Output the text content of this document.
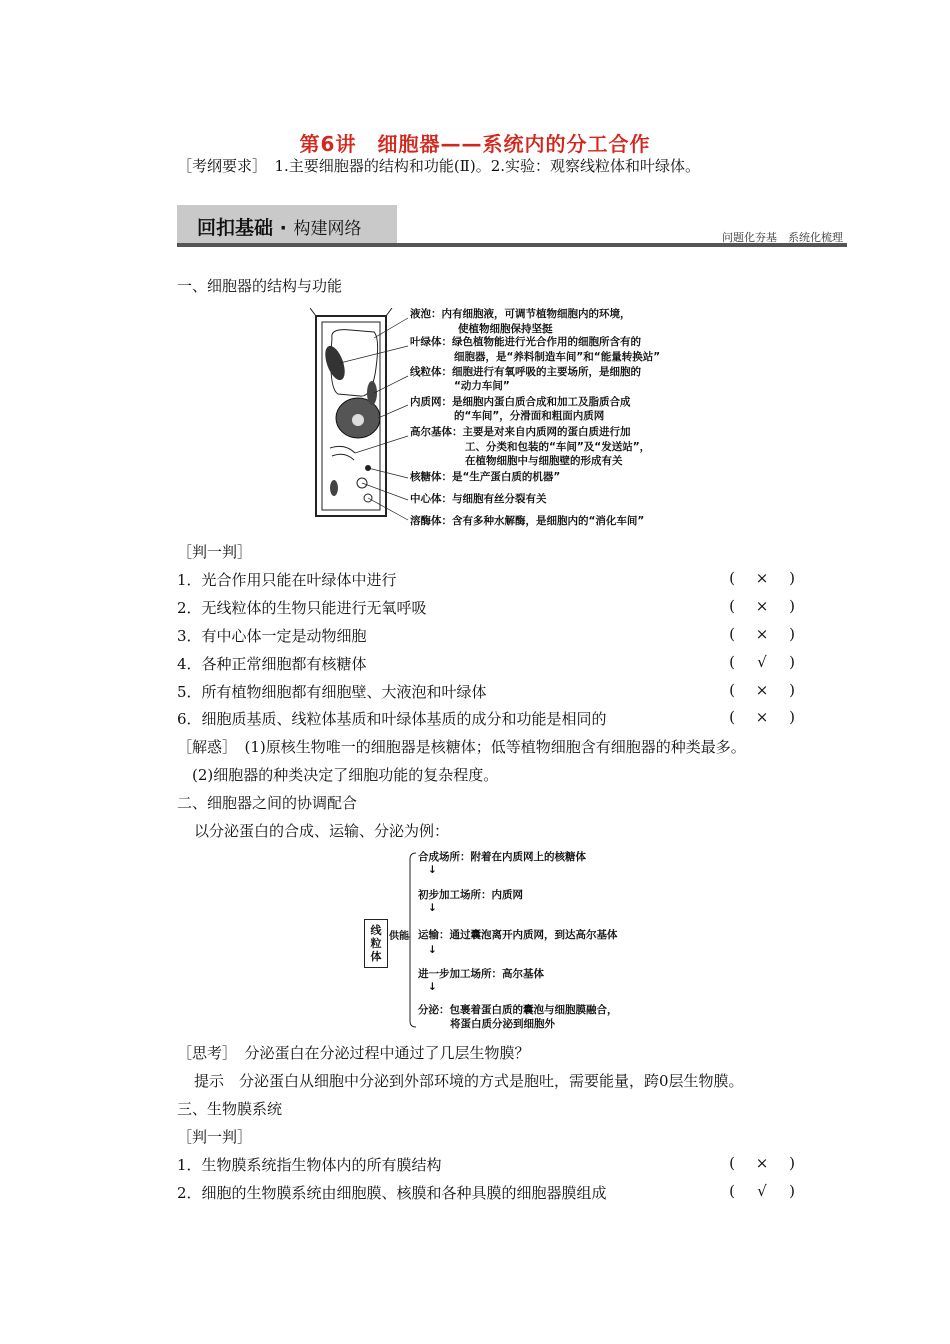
第6讲　细胞器——系统内的分工合作
［考纲要求］　1.主要细胞器的结构和功能(Ⅱ)。2.实验：观察线粒体和叶绿体。
回扣基础 · 构建网络	问题化夯基　系统化梳理
一、细胞器的结构与功能
液泡：内有细胞液，可调节植物细胞内的环境，
使植物细胞保持坚挺
叶绿体：绿色植物能进行光合作用的细胞所含有的
细胞器，是“养料制造车间”和“能量转换站”
线粒体：细胞进行有氧呼吸的主要场所，是细胞的
“动力车间”
内质网：是细胞内蛋白质合成和加工及脂质合成
的“车间”，分滑面和粗面内质网
高尔基体：主要是对来自内质网的蛋白质进行加
工、分类和包装的“车间”及“发送站”，
在植物细胞中与细胞壁的形成有关
核糖体：是“生产蛋白质的机器”
中心体：与细胞有丝分裂有关
溶酶体：含有多种水解酶，是细胞内的“消化车间”
［判一判］
1．光合作用只能在叶绿体中进行	( × )
2．无线粒体的生物只能进行无氧呼吸	( × )
3．有中心体一定是动物细胞	( × )
4．各种正常细胞都有核糖体	( √ )
5．所有植物细胞都有细胞壁、大液泡和叶绿体	( × )
6．细胞质基质、线粒体基质和叶绿体基质的成分和功能是相同的	( × )
［解惑］　(1)原核生物唯一的细胞器是核糖体；低等植物细胞含有细胞器的种类最多。
(2)细胞器的种类决定了细胞功能的复杂程度。
二、细胞器之间的协调配合
以分泌蛋白的合成、运输、分泌为例：
线粒体
供能
合成场所：附着在内质网上的核糖体
↓
初步加工场所：内质网
↓
运输：通过囊泡离开内质网，到达高尔基体
↓
进一步加工场所：高尔基体
↓
分泌：包裹着蛋白质的囊泡与细胞膜融合，
将蛋白质分泌到细胞外
［思考］　分泌蛋白在分泌过程中通过了几层生物膜？
提示　分泌蛋白从细胞中分泌到外部环境的方式是胞吐，需要能量，跨0层生物膜。
三、生物膜系统
［判一判］
1．生物膜系统指生物体内的所有膜结构	( × )
2．细胞的生物膜系统由细胞膜、核膜和各种具膜的细胞器膜组成	( √ )
